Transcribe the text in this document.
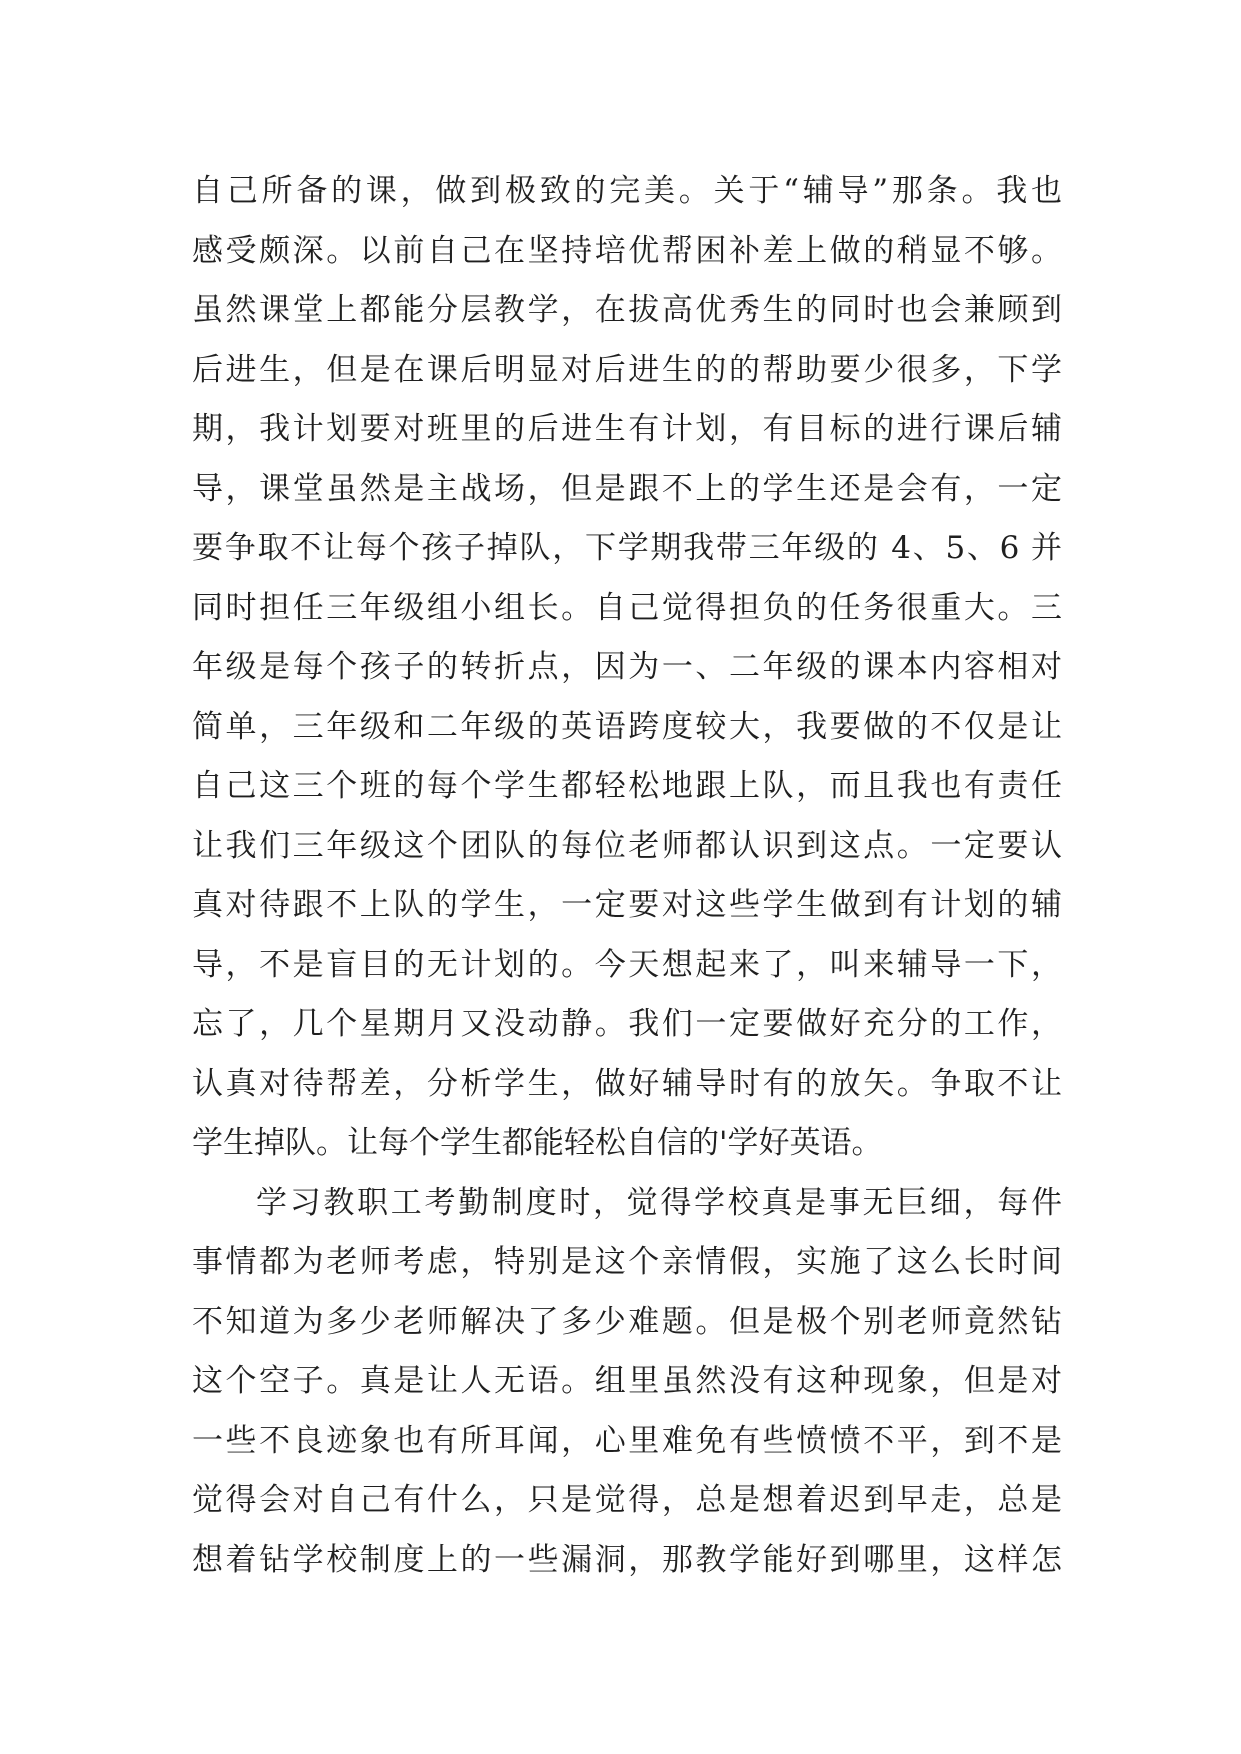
自己所备的课，做到极致的完美。关于“辅导”那条。我也
感受颇深。以前自己在坚持培优帮困补差上做的稍显不够。
虽然课堂上都能分层教学，在拔高优秀生的同时也会兼顾到
后进生，但是在课后明显对后进生的的帮助要少很多，下学
期，我计划要对班里的后进生有计划，有目标的进行课后辅
导，课堂虽然是主战场，但是跟不上的学生还是会有，一定
要争取不让每个孩子掉队，下学期我带三年级的 4、5、6 并
同时担任三年级组小组长。自己觉得担负的任务很重大。三
年级是每个孩子的转折点，因为一、二年级的课本内容相对
简单，三年级和二年级的英语跨度较大，我要做的不仅是让
自己这三个班的每个学生都轻松地跟上队，而且我也有责任
让我们三年级这个团队的每位老师都认识到这点。一定要认
真对待跟不上队的学生，一定要对这些学生做到有计划的辅
导，不是盲目的无计划的。今天想起来了，叫来辅导一下，
忘了，几个星期月又没动静。我们一定要做好充分的工作，
认真对待帮差，分析学生，做好辅导时有的放矢。争取不让
学生掉队。让每个学生都能轻松自信的'学好英语。
学习教职工考勤制度时，觉得学校真是事无巨细，每件
事情都为老师考虑，特别是这个亲情假，实施了这么长时间
不知道为多少老师解决了多少难题。但是极个别老师竟然钻
这个空子。真是让人无语。组里虽然没有这种现象，但是对
一些不良迹象也有所耳闻，心里难免有些愤愤不平，到不是
觉得会对自己有什么，只是觉得，总是想着迟到早走，总是
想着钻学校制度上的一些漏洞，那教学能好到哪里，这样怎
